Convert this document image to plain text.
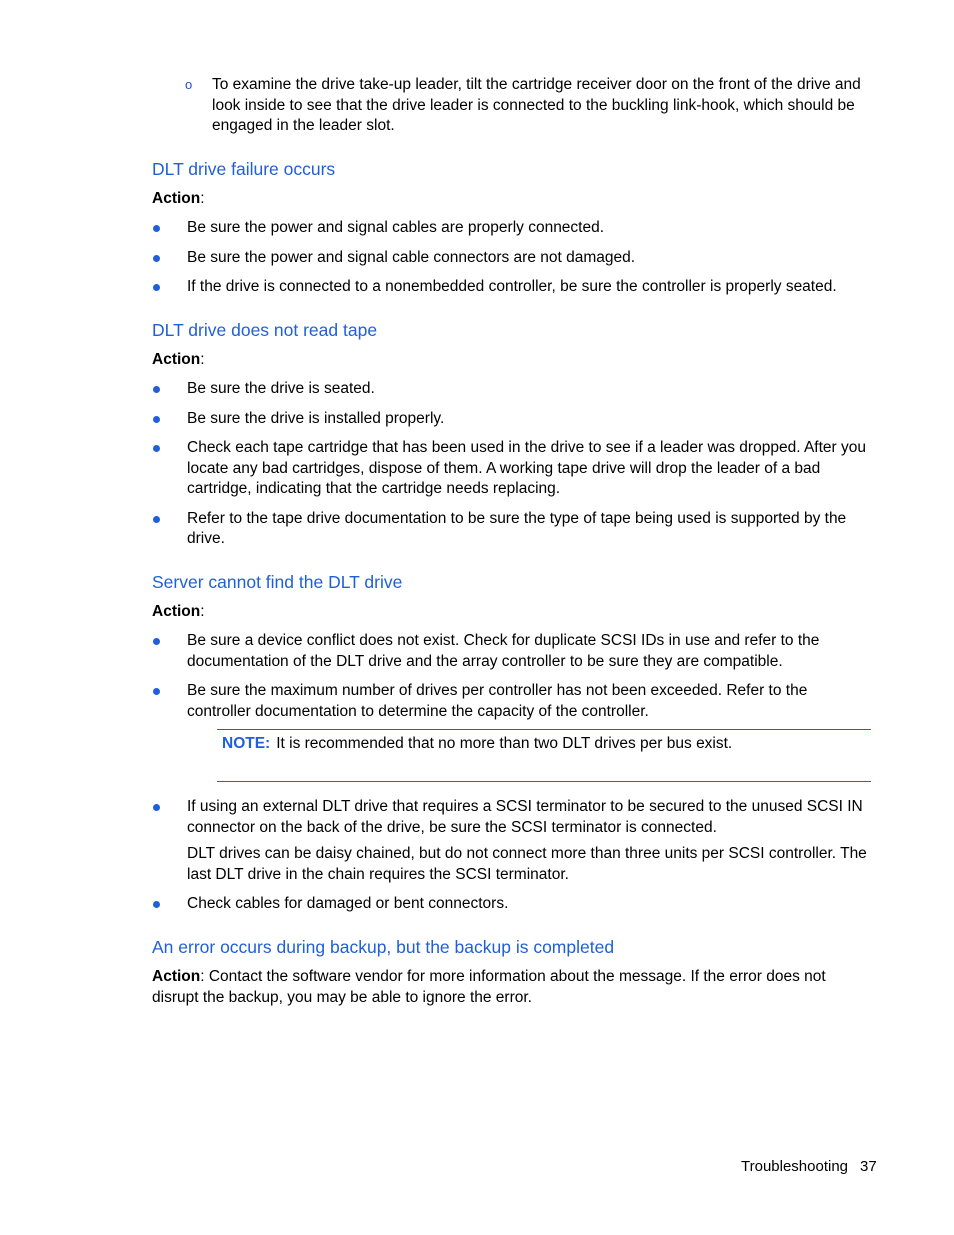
o To examine the drive take-up leader, tilt the cartridge receiver door on the front of the drive and look inside to see that the drive leader is connected to the buckling link-hook, which should be engaged in the leader slot.
DLT drive failure occurs
Action:
Be sure the power and signal cables are properly connected.
Be sure the power and signal cable connectors are not damaged.
If the drive is connected to a nonembedded controller, be sure the controller is properly seated.
DLT drive does not read tape
Action:
Be sure the drive is seated.
Be sure the drive is installed properly.
Check each tape cartridge that has been used in the drive to see if a leader was dropped. After you locate any bad cartridges, dispose of them. A working tape drive will drop the leader of a bad cartridge, indicating that the cartridge needs replacing.
Refer to the tape drive documentation to be sure the type of tape being used is supported by the drive.
Server cannot find the DLT drive
Action:
Be sure a device conflict does not exist. Check for duplicate SCSI IDs in use and refer to the documentation of the DLT drive and the array controller to be sure they are compatible.
Be sure the maximum number of drives per controller has not been exceeded. Refer to the controller documentation to determine the capacity of the controller.
NOTE: It is recommended that no more than two DLT drives per bus exist.
If using an external DLT drive that requires a SCSI terminator to be secured to the unused SCSI IN connector on the back of the drive, be sure the SCSI terminator is connected.
DLT drives can be daisy chained, but do not connect more than three units per SCSI controller. The last DLT drive in the chain requires the SCSI terminator.
Check cables for damaged or bent connectors.
An error occurs during backup, but the backup is completed
Action: Contact the software vendor for more information about the message. If the error does not disrupt the backup, you may be able to ignore the error.
Troubleshooting 37
